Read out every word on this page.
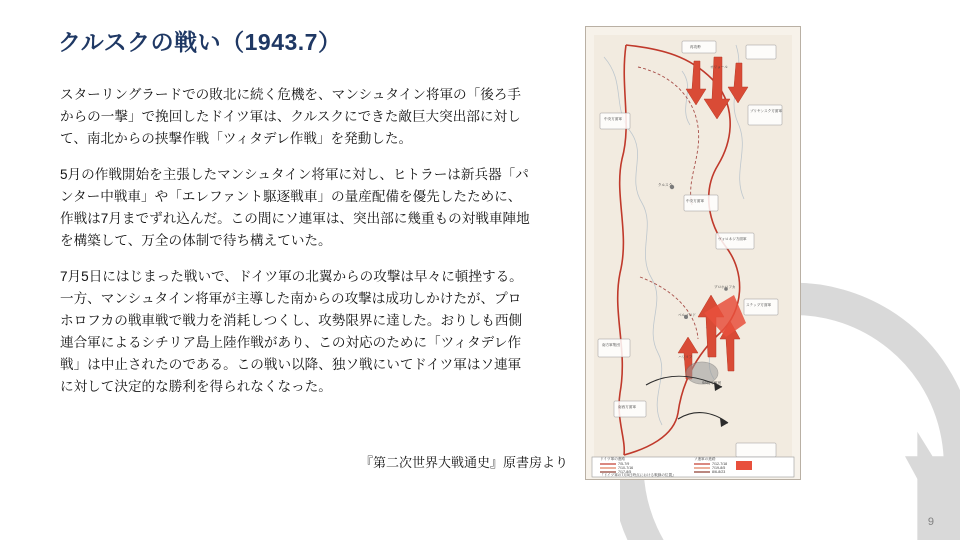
クルスクの戦い（1943.7）

スターリングラードでの敗北に続く危機を、マンシュタイン将軍の「後ろ手からの一撃」で挽回したドイツ軍は、クルスクにできた敵巨大突出部に対して、南北からの挟撃作戦「ツィタデレ作戦」を発動した。

5月の作戦開始を主張したマンシュタイン将軍に対し、ヒトラーは新兵器「パンター中戦車」や「エレファント駆逐戦車」の量産配備を優先したために、作戦は7月までずれ込んだ。この間にソ連軍は、突出部に幾重もの対戦車陣地を構築して、万全の体制で待ち構えていた。

7月5日にはじまった戦いで、ドイツ軍の北翼からの攻撃は早々に頓挫する。一方、マンシュタイン将軍が主導した南からの攻撃は成功しかけたが、プロホロフカの戦車戦で戦力を消耗しつくし、攻勢限界に達した。おりしも西側連合軍によるシチリア島上陸作戦があり、この対応のために「ツィタデレ作戦」は中止されたのである。この戦い以降、独ソ戦にいてドイツ軍はソ連軍に対して決定的な勝利を得られなくなった。

『第二次世界大戦通史』原書房より
9
再攻勢
オリョール
中央方面軍
ブリヤンスク方面軍
クルスク
中央方面軍
ヴォロネジ方面軍
プロホロフカ
ベルゴロド
ステップ方面軍
ハリコフ
南方軍集団
SS装甲軍団
南西方面軍
ドイツ軍の進路	ソ連軍の進路
7/5-7/9
7/10-7/16
7/17-8/5
7/12-7/18
7/19-8/5
8/6-8/23
『ドイツ軍の7月5日時点における戦線の位置』
